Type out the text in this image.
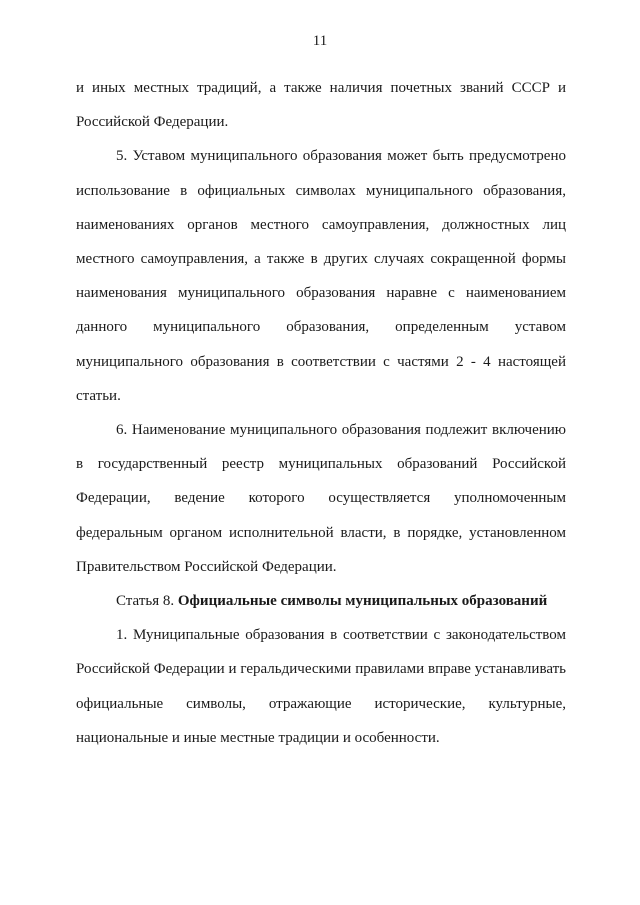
11

и иных местных традиций, а также наличия почетных званий СССР и Российской Федерации.

5. Уставом муниципального образования может быть предусмотрено использование в официальных символах муниципального образования, наименованиях органов местного самоуправления, должностных лиц местного самоуправления, а также в других случаях сокращенной формы наименования муниципального образования наравне с наименованием данного муниципального образования, определенным уставом муниципального образования в соответствии с частями 2 - 4 настоящей статьи.

6. Наименование муниципального образования подлежит включению в государственный реестр муниципальных образований Российской Федерации, ведение которого осуществляется уполномоченным федеральным органом исполнительной власти, в порядке, установленном Правительством Российской Федерации.

Статья 8. Официальные символы муниципальных образований

1. Муниципальные образования в соответствии с законодательством Российской Федерации и геральдическими правилами вправе устанавливать официальные символы, отражающие исторические, культурные, национальные и иные местные традиции и особенности.
